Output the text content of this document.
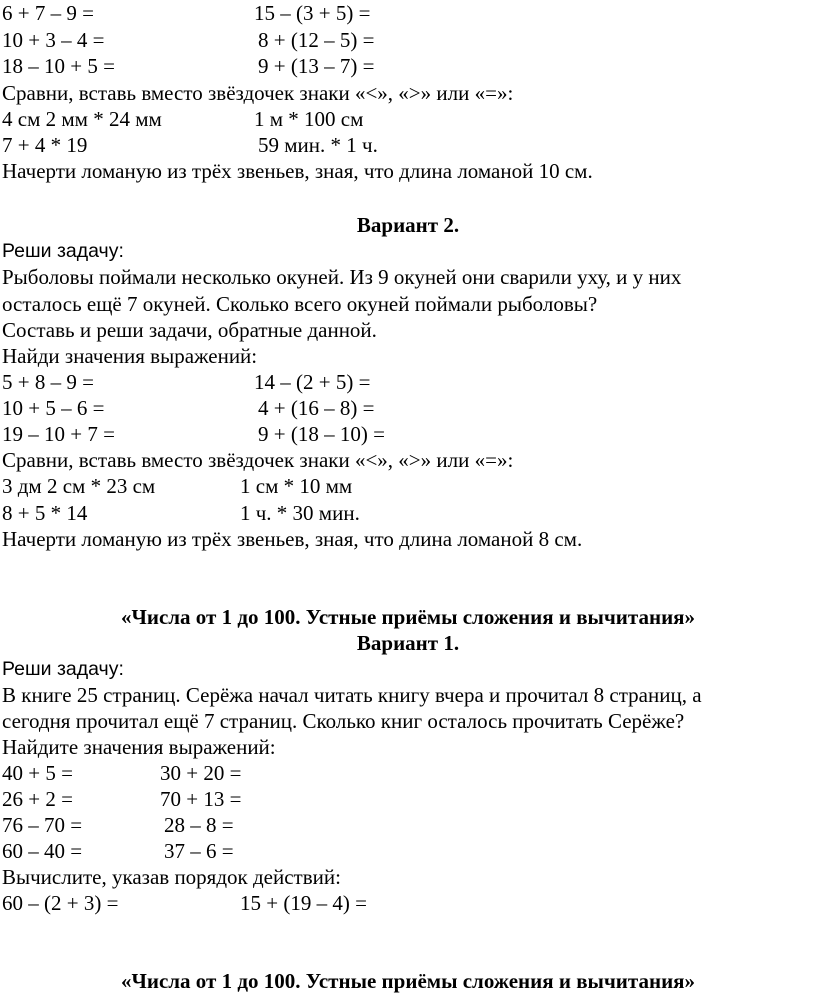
6 + 7 – 9 =	15 – (3 + 5) =
10 + 3 – 4 =	8 + (12 – 5) =
18 – 10 + 5 =	9 + (13 – 7) =
Сравни, вставь вместо звёздочек знаки «<», «>» или «=»:
4 см 2 мм * 24 мм	1 м * 100 см
7 + 4 * 19	59 мин. * 1 ч.
Начерти ломаную из трёх звеньев, зная, что длина ломаной 10 см.
Вариант 2.
Реши задачу:
Рыболовы поймали несколько окуней. Из 9 окуней они сварили уху, и у них
осталось ещё 7 окуней. Сколько всего окуней поймали рыболовы?
Составь и реши задачи, обратные данной.
Найди значения выражений:
5 + 8 – 9 =	14 – (2 + 5) =
10 + 5 – 6 =	4 + (16 – 8) =
19 – 10 + 7 =	9 + (18 – 10) =
Сравни, вставь вместо звёздочек знаки «<», «>» или «=»:
3 дм 2 см * 23 см	1 см * 10 мм
8 + 5 * 14	1 ч. * 30 мин.
Начерти ломаную из трёх звеньев, зная, что длина ломаной 8 см.
«Числа от 1 до 100. Устные приёмы сложения и вычитания»
Вариант 1.
Реши задачу:
В книге 25 страниц. Серёжа начал читать книгу вчера и прочитал 8 страниц, а
сегодня прочитал ещё 7 страниц. Сколько книг осталось прочитать Серёже?
Найдите значения выражений:
40 + 5 =	30 + 20 =
26 + 2 =	70 + 13 =
76 – 70 =	28 – 8 =
60 – 40 =	37 – 6 =
Вычислите, указав порядок действий:
60 – (2 + 3) =	15 + (19 – 4) =
«Числа от 1 до 100. Устные приёмы сложения и вычитания»
